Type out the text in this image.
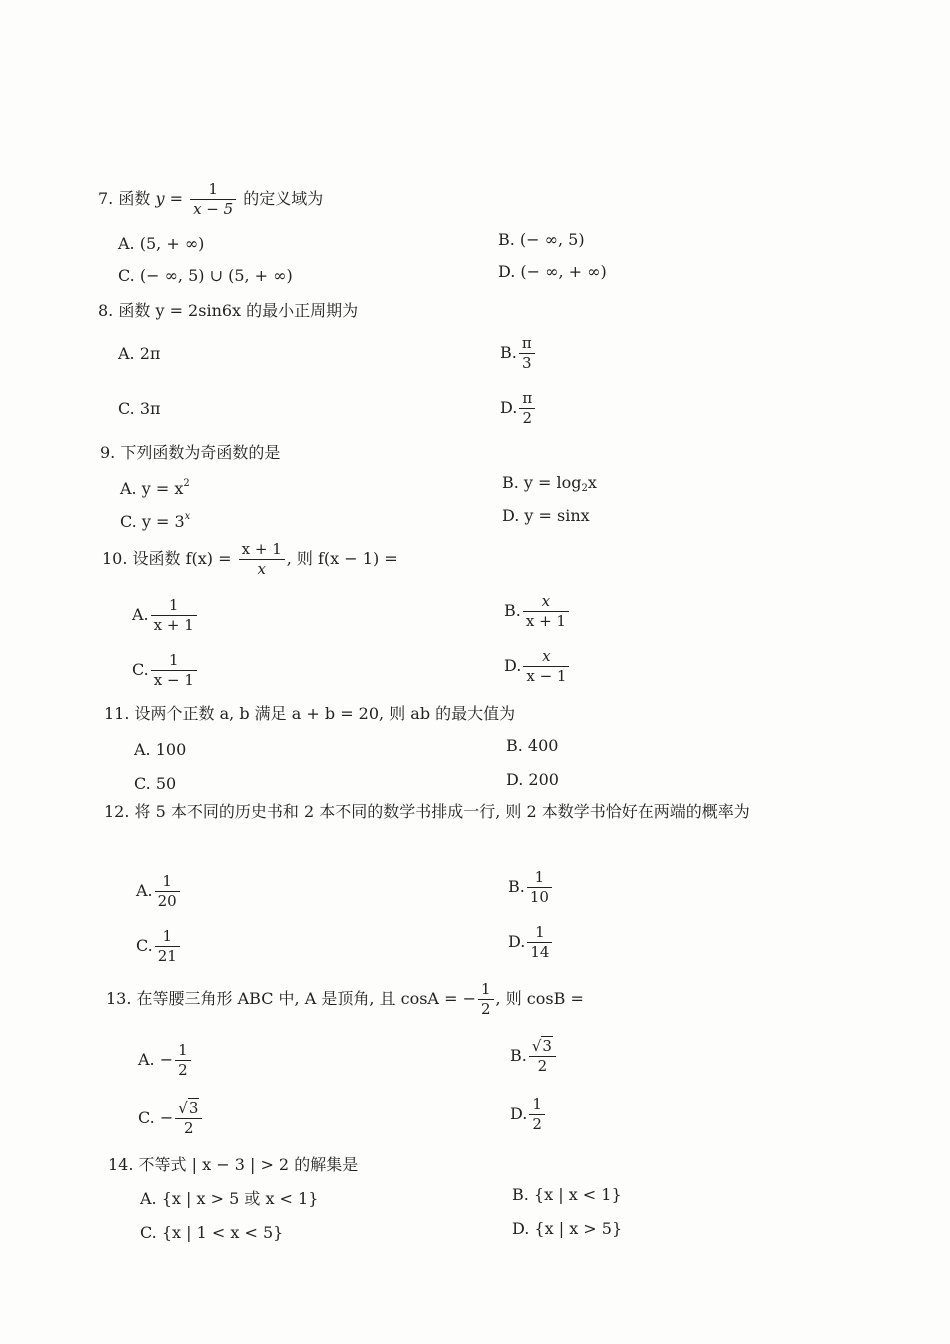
7. 函数 $y = \frac{1}{x - 5}$ 的定义域为
A. (5, + ∞)	B. (− ∞, 5)
C. (− ∞, 5) ∪ (5, + ∞)	D. (− ∞, + ∞)
8. 函数 y = 2sin6x 的最小正周期为
A. 2π	B. $\frac{\pi}{3}$
C. 3π	D. $\frac{\pi}{2}$
9. 下列函数为奇函数的是
A. $y = x^2$	B. $y = \log_2x$
C. $y = 3^x$	D. y = sinx
10. 设函数 $f(x) = \frac{x + 1}{x}$ , 则 f(x − 1) =
A. $\frac{1}{x + 1}$	B. $\frac{x}{x + 1}$
C. $\frac{1}{x - 1}$	D. $\frac{x}{x - 1}$
11. 设两个正数 a, b 满足 a + b = 20, 则 ab 的最大值为
A. 100	B. 400
C. 50	D. 200
12. 将 5 本不同的历史书和 2 本不同的数学书排成一行, 则 2 本数学书恰好在两端的概率为
A. $\frac{1}{20}$	B. $\frac{1}{10}$
C. $\frac{1}{21}$	D. $\frac{1}{14}$
13. 在等腰三角形 ABC 中, A 是顶角, 且 cosA = − $\frac{1}{2}$ , 则 cosB =
A. − $\frac{1}{2}$	B. $\frac{√3}{2}$
C. − $\frac{√3}{2}$	D. $\frac{1}{2}$
14. 不等式 | x − 3 | > 2 的解集是
A. {x | x > 5 或 x < 1}	B. {x | x < 1}
C. {x | 1 < x < 5}	D. {x | x > 5}
